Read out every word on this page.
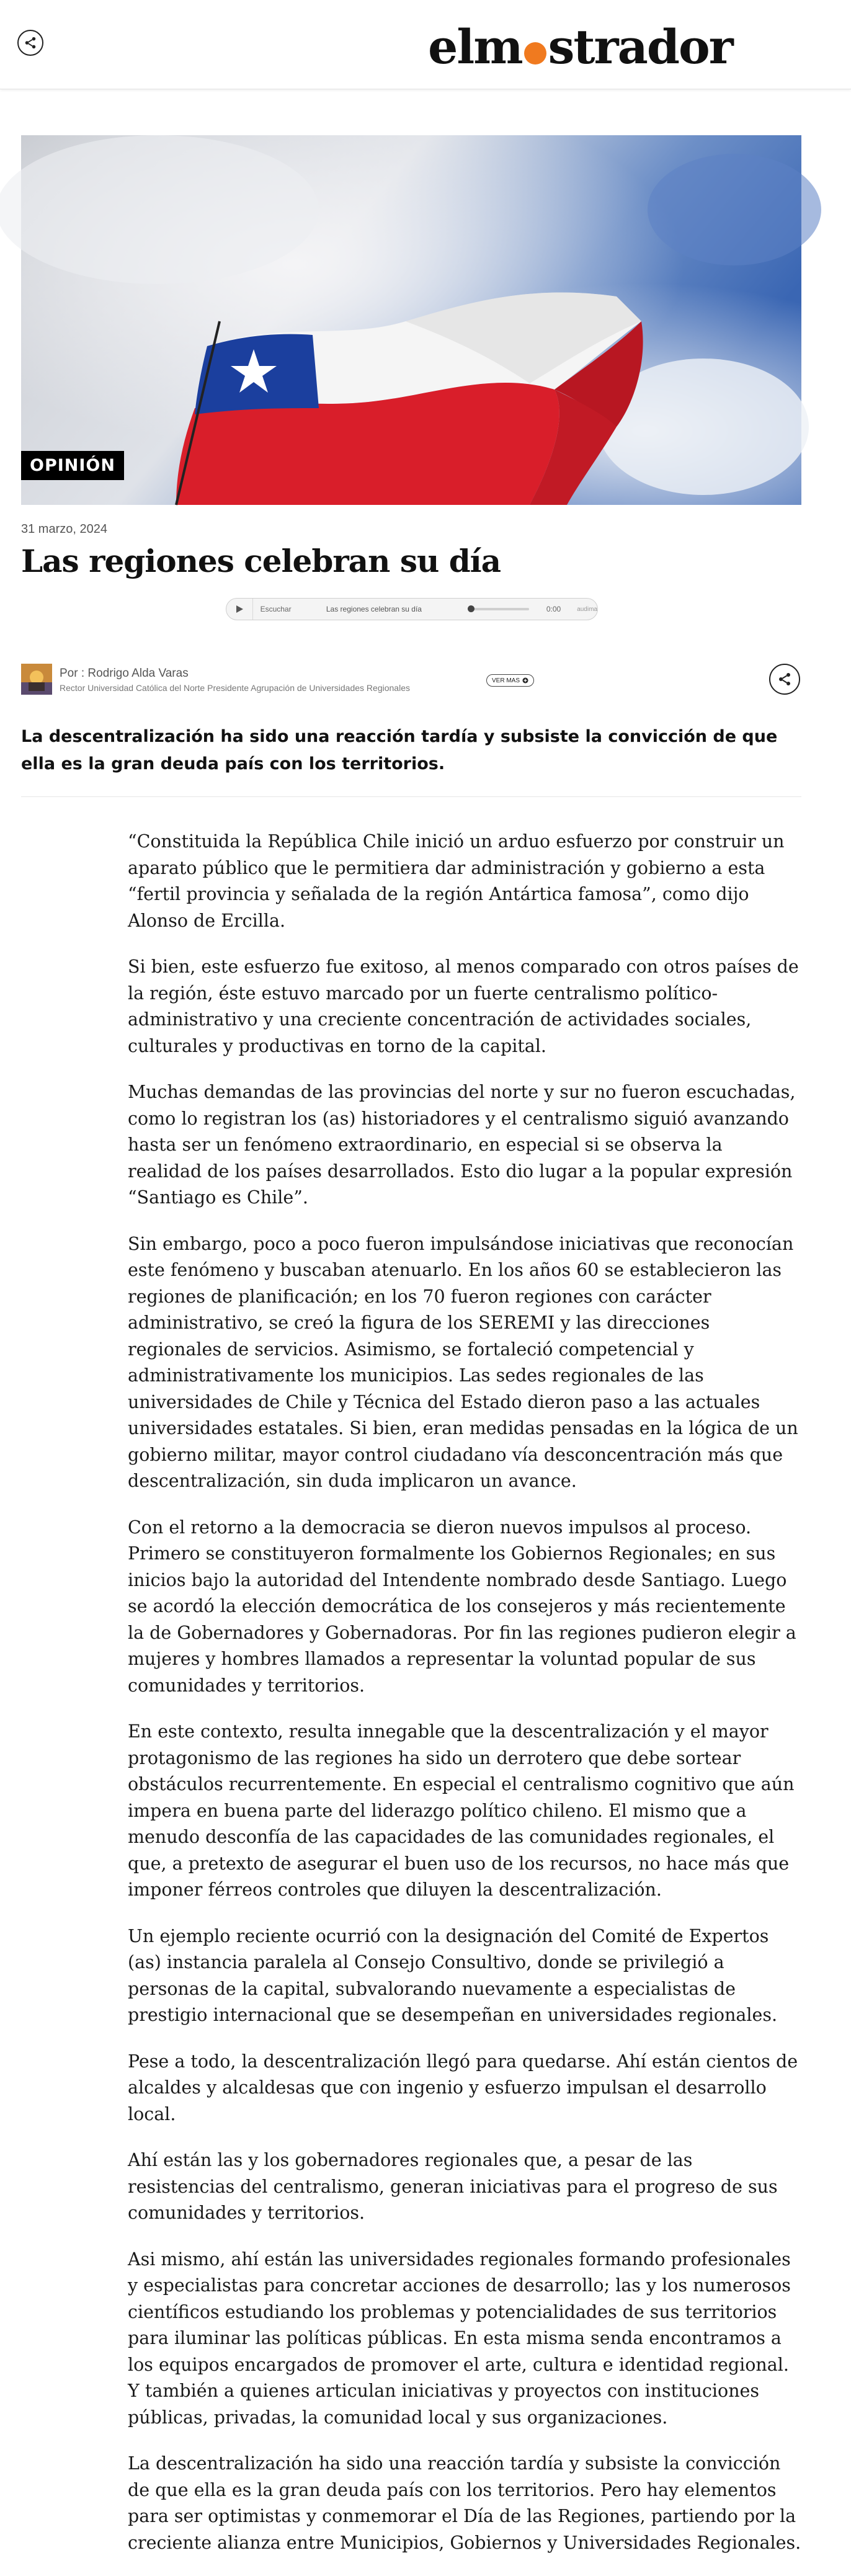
elm strador
OPINIÓN
31 marzo, 2024
Las regiones celebran su día
Escuchar	Las regiones celebran su día	0:00	audima
Por : Rodrigo Alda Varas
Rector Universidad Católica del Norte Presidente Agrupación de Universidades Regionales
VER MAS

La descentralización ha sido una reacción tardía y subsiste la convicción de que ella es la gran deuda país con los territorios.

“Constituida la República Chile inició un arduo esfuerzo por construir un aparato público que le permitiera dar administración y gobierno a esta “fertil provincia y señalada de la región Antártica famosa”, como dijo Alonso de Ercilla.

Si bien, este esfuerzo fue exitoso, al menos comparado con otros países de la región, éste estuvo marcado por un fuerte centralismo político-administrativo y una creciente concentración de actividades sociales, culturales y productivas en torno de la capital.

Muchas demandas de las provincias del norte y sur no fueron escuchadas, como lo registran los (as) historiadores y el centralismo siguió avanzando hasta ser un fenómeno extraordinario, en especial si se observa la realidad de los países desarrollados. Esto dio lugar a la popular expresión “Santiago es Chile”.

Sin embargo, poco a poco fueron impulsándose iniciativas que reconocían este fenómeno y buscaban atenuarlo. En los años 60 se establecieron las regiones de planificación; en los 70 fueron regiones con carácter administrativo, se creó la figura de los SEREMI y las direcciones regionales de servicios. Asimismo, se fortaleció competencial y administrativamente los municipios. Las sedes regionales de las universidades de Chile y Técnica del Estado dieron paso a las actuales universidades estatales. Si bien, eran medidas pensadas en la lógica de un gobierno militar, mayor control ciudadano vía desconcentración más que descentralización, sin duda implicaron un avance.

Con el retorno a la democracia se dieron nuevos impulsos al proceso. Primero se constituyeron formalmente los Gobiernos Regionales; en sus inicios bajo la autoridad del Intendente nombrado desde Santiago. Luego se acordó la elección democrática de los consejeros y más recientemente la de Gobernadores y Gobernadoras. Por fin las regiones pudieron elegir a mujeres y hombres llamados a representar la voluntad popular de sus comunidades y territorios.

En este contexto, resulta innegable que la descentralización y el mayor protagonismo de las regiones ha sido un derrotero que debe sortear obstáculos recurrentemente. En especial el centralismo cognitivo que aún impera en buena parte del liderazgo político chileno. El mismo que a menudo desconfía de las capacidades de las comunidades regionales, el que, a pretexto de asegurar el buen uso de los recursos, no hace más que imponer férreos controles que diluyen la descentralización.

Un ejemplo reciente ocurrió con la designación del Comité de Expertos (as) instancia paralela al Consejo Consultivo, donde se privilegió a personas de la capital, subvalorando nuevamente a especialistas de prestigio internacional que se desempeñan en universidades regionales.

Pese a todo, la descentralización llegó para quedarse. Ahí están cientos de alcaldes y alcaldesas que con ingenio y esfuerzo impulsan el desarrollo local.

Ahí están las y los gobernadores regionales que, a pesar de las resistencias del centralismo, generan iniciativas para el progreso de sus comunidades y territorios.

Asi mismo, ahí están las universidades regionales formando profesionales y especialistas para concretar acciones de desarrollo; las y los numerosos científicos estudiando los problemas y potencialidades de sus territorios para iluminar las políticas públicas. En esta misma senda encontramos a los equipos encargados de promover el arte, cultura e identidad regional. Y también a quienes articulan iniciativas y proyectos con instituciones públicas, privadas, la comunidad local y sus organizaciones.

La descentralización ha sido una reacción tardía y subsiste la convicción de que ella es la gran deuda país con los territorios. Pero hay elementos para ser optimistas y conmemorar el Día de las Regiones, partiendo por la creciente alianza entre Municipios, Gobiernos y Universidades Regionales.
